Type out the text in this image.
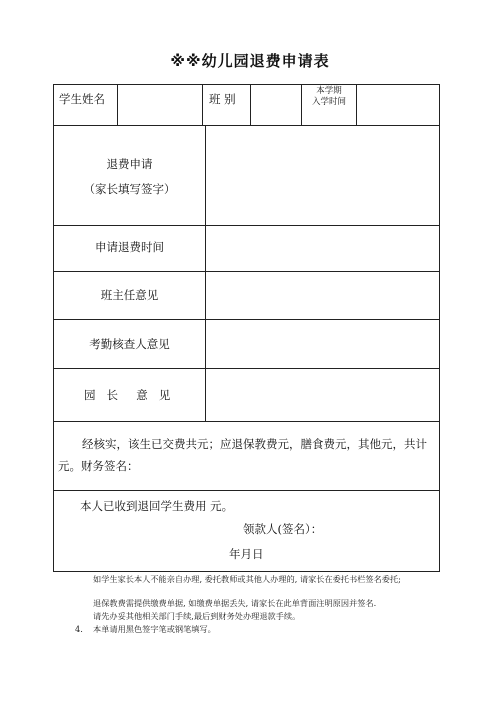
※※幼儿园退费申请表
学生姓名	班 别
本学期
入学时间
退费申请
（家长填写签字）
申请退费时间
班主任意见
考勤核查人意见
园   长     意   见
经核实，该生已交费共元；应退保教费元，膳食费元，其他元，共计
元。财务签名：
本人已收到退回学生费用 元。
领款人(签名）：
年月日
如学生家长本人不能亲自办理, 委托教师或其他人办理的, 请家长在委托书栏签名委托;
退保教费需提供缴费单据, 如缴费单据丢失, 请家长在此单背面注明原因并签名.
请先办妥其他相关部门手续,最后到财务处办理退款手续。
4. 本单请用黑色签字笔或钢笔填写。
